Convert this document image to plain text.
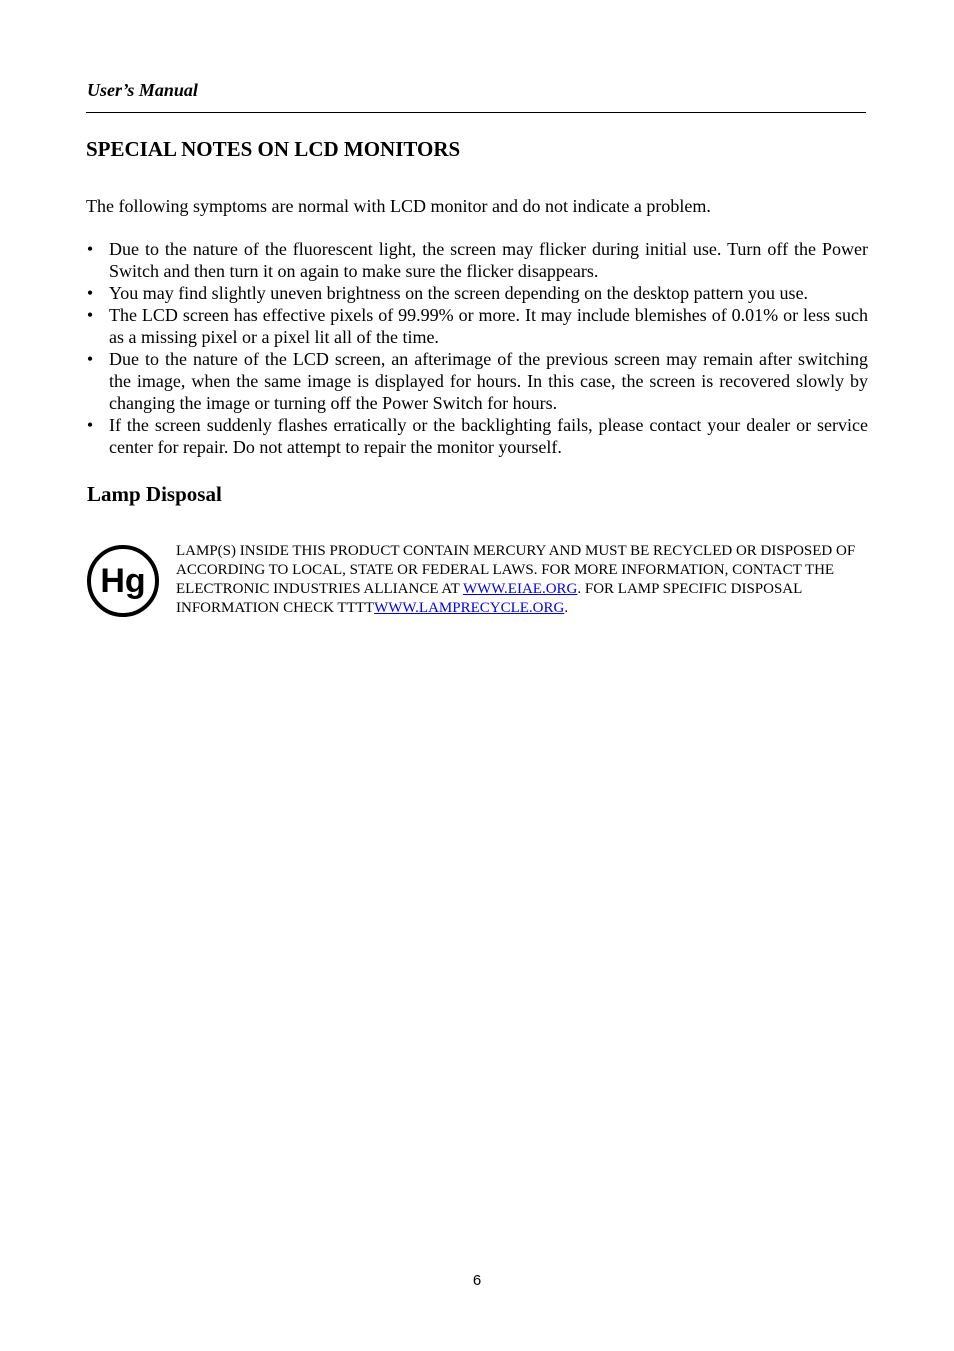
User’s Manual
SPECIAL NOTES ON LCD MONITORS
The following symptoms are normal with LCD monitor and do not indicate a problem.
• Due to the nature of the fluorescent light, the screen may flicker during initial use. Turn off the Power Switch and then turn it on again to make sure the flicker disappears.
• You may find slightly uneven brightness on the screen depending on the desktop pattern you use.
• The LCD screen has effective pixels of 99.99% or more. It may include blemishes of 0.01% or less such as a missing pixel or a pixel lit all of the time.
• Due to the nature of the LCD screen, an afterimage of the previous screen may remain after switching the image, when the same image is displayed for hours. In this case, the screen is recovered slowly by changing the image or turning off the Power Switch for hours.
• If the screen suddenly flashes erratically or the backlighting fails, please contact your dealer or service center for repair. Do not attempt to repair the monitor yourself.
Lamp Disposal
Hg
LAMP(S) INSIDE THIS PRODUCT CONTAIN MERCURY AND MUST BE RECYCLED OR DISPOSED OF ACCORDING TO LOCAL, STATE OR FEDERAL LAWS. FOR MORE INFORMATION, CONTACT THE ELECTRONIC INDUSTRIES ALLIANCE AT WWW.EIAE.ORG. FOR LAMP SPECIFIC DISPOSAL INFORMATION CHECK TTTTWWW.LAMPRECYCLE.ORG.
6
